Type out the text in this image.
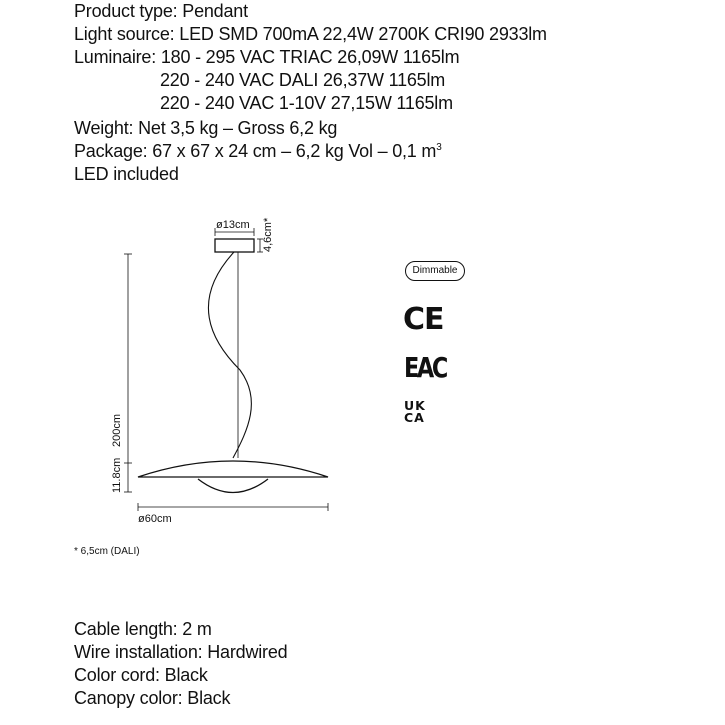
Product type: Pendant
Light source: LED SMD 700mA 22,4W 2700K CRI90 2933lm
Luminaire: 180 - 295 VAC TRIAC 26,09W 1165lm
220 - 240 VAC DALI 26,37W 1165lm
220 - 240 VAC 1-10V 27,15W 1165lm
Weight: Net 3,5 kg – Gross 6,2 kg
Package: 67 x 67 x 24 cm – 6,2 kg Vol – 0,1 $m^3$
LED included
ø13cm 4,6cm*
200cm
11.8cm
ø60cm
* 6,5cm (DALI)
Dimmable
CE
EAC
UK
CA
Cable length: 2 m
Wire installation: Hardwired
Color cord: Black
Canopy color: Black
